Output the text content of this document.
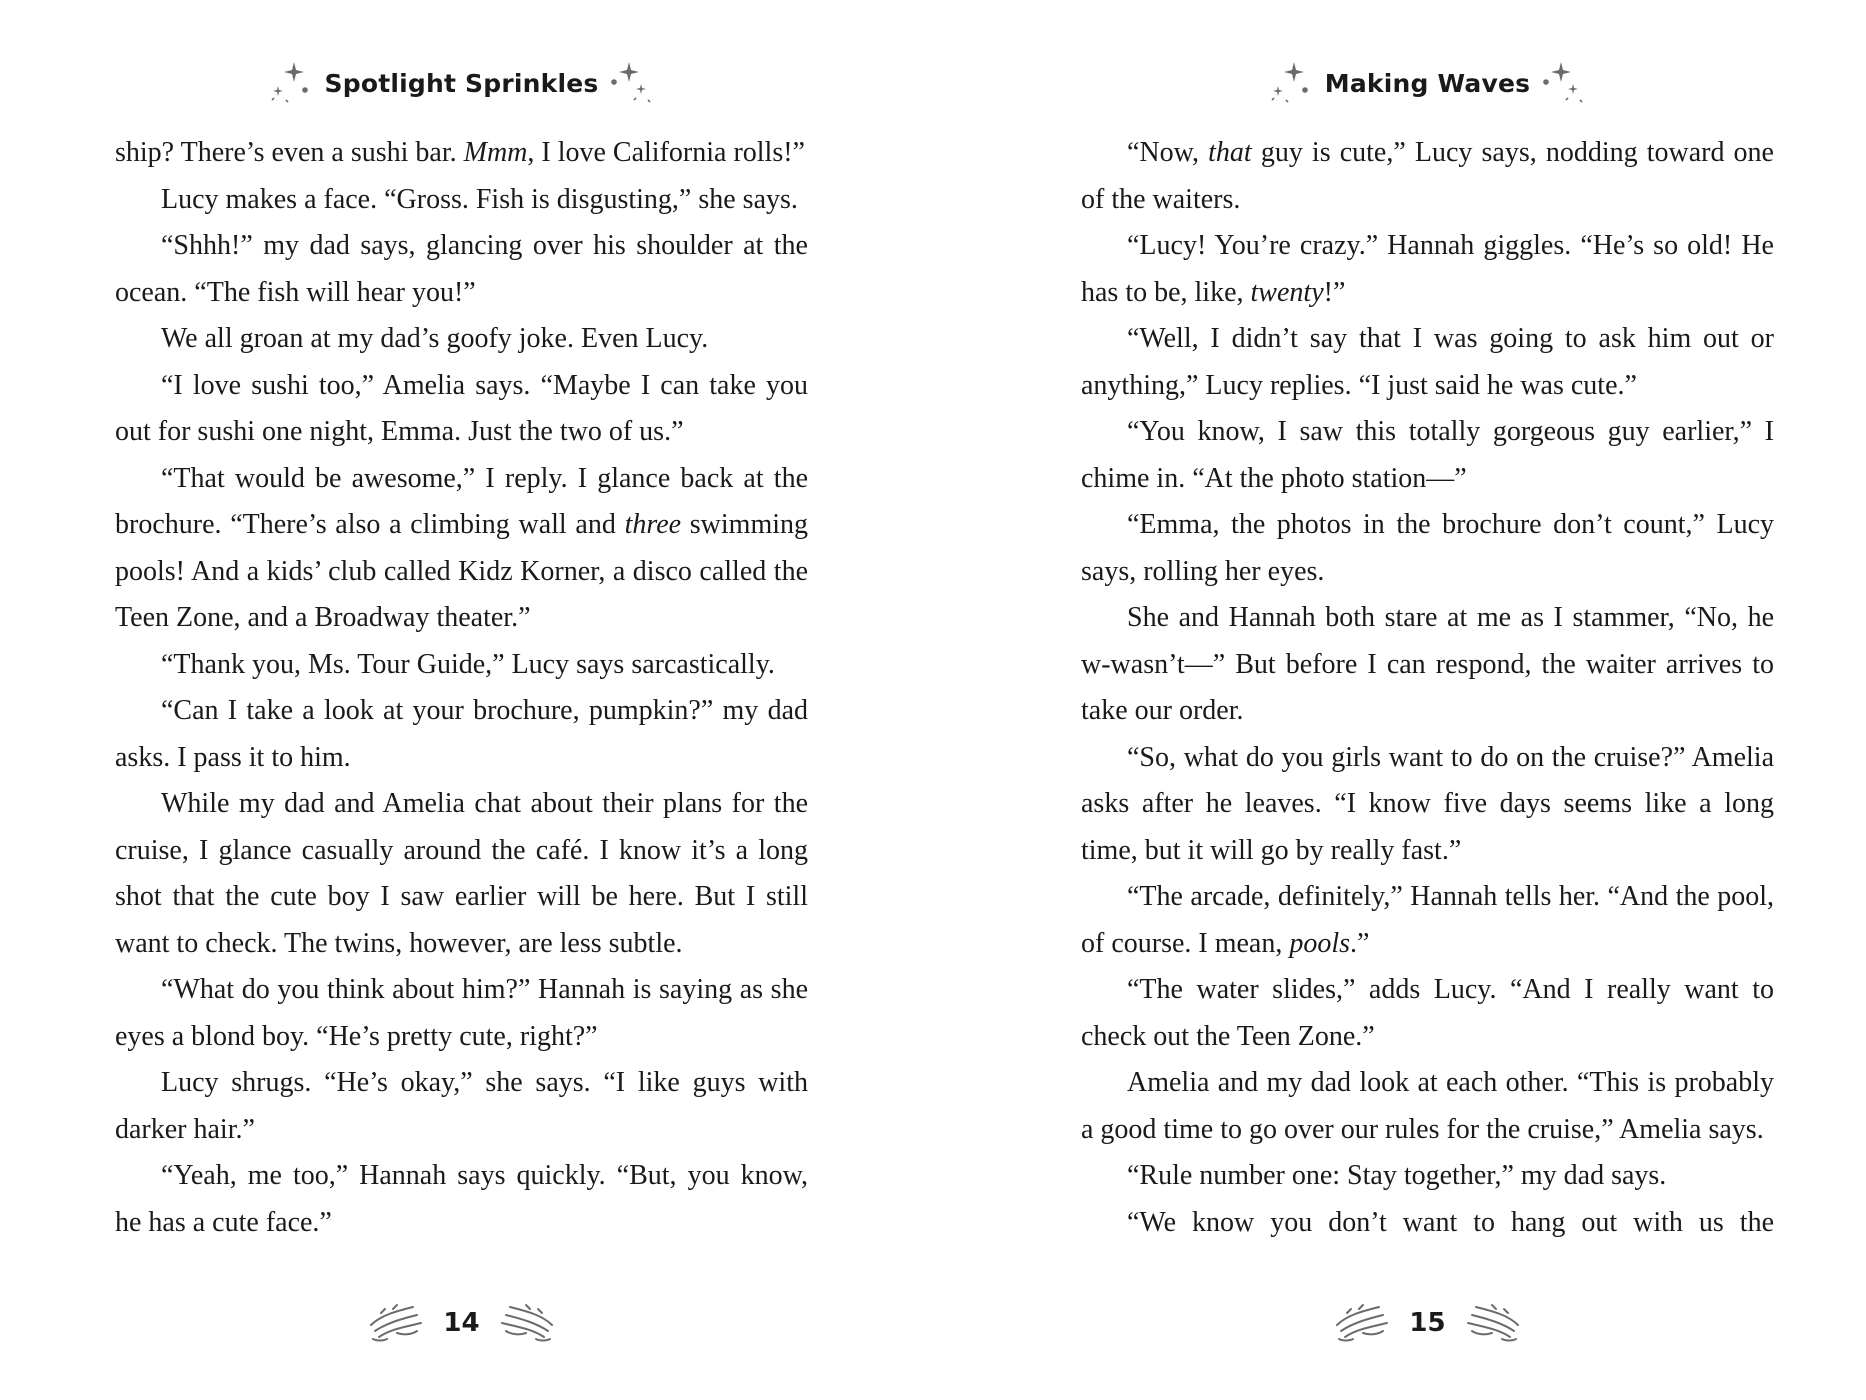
Spotlight Sprinkles

ship? There’s even a sushi bar. Mmm, I love California rolls!”

Lucy makes a face. “Gross. Fish is disgusting,” she says.

“Shhh!” my dad says, glancing over his shoulder at the ocean. “The fish will hear you!”

We all groan at my dad’s goofy joke. Even Lucy.

“I love sushi too,” Amelia says. “Maybe I can take you out for sushi one night, Emma. Just the two of us.”

“That would be awesome,” I reply. I glance back at the brochure. “There’s also a climbing wall and three swimming pools! And a kids’ club called Kidz Korner, a disco called the Teen Zone, and a Broadway theater.”

“Thank you, Ms. Tour Guide,” Lucy says sarcastically.

“Can I take a look at your brochure, pumpkin?” my dad asks. I pass it to him.

While my dad and Amelia chat about their plans for the cruise, I glance casually around the café. I know it’s a long shot that the cute boy I saw earlier will be here. But I still want to check. The twins, however, are less subtle.

“What do you think about him?” Hannah is saying as she eyes a blond boy. “He’s pretty cute, right?”

Lucy shrugs. “He’s okay,” she says. “I like guys with darker hair.”

“Yeah, me too,” Hannah says quickly. “But, you know, he has a cute face.”

14
Making Waves

“Now, that guy is cute,” Lucy says, nodding toward one of the waiters.

“Lucy! You’re crazy.” Hannah giggles. “He’s so old! He has to be, like, twenty!”

“Well, I didn’t say that I was going to ask him out or anything,” Lucy replies. “I just said he was cute.”

“You know, I saw this totally gorgeous guy earlier,” I chime in. “At the photo station—”

“Emma, the photos in the brochure don’t count,” Lucy says, rolling her eyes.

She and Hannah both stare at me as I stammer, “No, he w-wasn’t—” But before I can respond, the waiter arrives to take our order.

“So, what do you girls want to do on the cruise?” Amelia asks after he leaves. “I know five days seems like a long time, but it will go by really fast.”

“The arcade, definitely,” Hannah tells her. “And the pool, of course. I mean, pools.”

“The water slides,” adds Lucy. “And I really want to check out the Teen Zone.”

Amelia and my dad look at each other. “This is probably a good time to go over our rules for the cruise,” Amelia says.

“Rule number one: Stay together,” my dad says.

“We know you don’t want to hang out with us the

15
